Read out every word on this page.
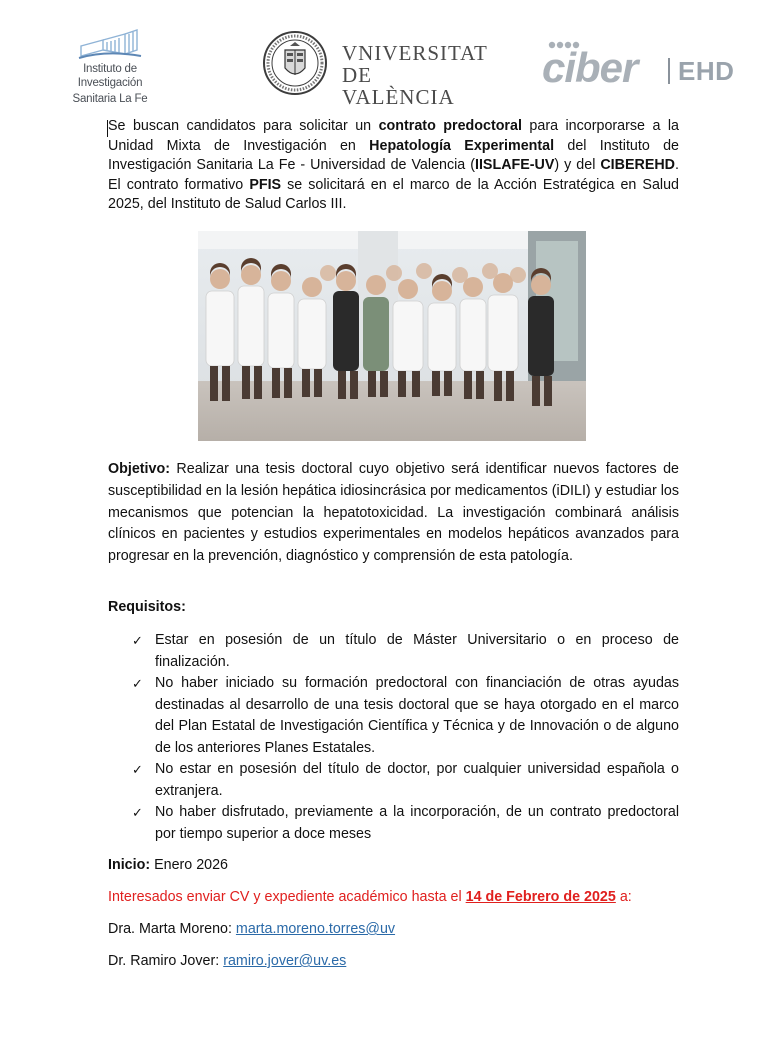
Instituto de Investigación
Sanitaria La Fe
VNIVERSITAT
DE VALÈNCIA
ciber EHD
Se buscan candidatos para solicitar un contrato predoctoral para incorporarse a la Unidad Mixta de Investigación en Hepatología Experimental del Instituto de Investigación Sanitaria La Fe - Universidad de Valencia (IISLAFE-UV) y del CIBEREHD. El contrato formativo PFIS se solicitará en el marco de la Acción Estratégica en Salud 2025, del Instituto de Salud Carlos III.
Objetivo: Realizar una tesis doctoral cuyo objetivo será identificar nuevos factores de susceptibilidad en la lesión hepática idiosincrásica por medicamentos (iDILI) y estudiar los mecanismos que potencian la hepatotoxicidad. La investigación combinará análisis clínicos en pacientes y estudios experimentales en modelos hepáticos avanzados para progresar en la prevención, diagnóstico y comprensión de esta patología.
Requisitos:
✓ Estar en posesión de un título de Máster Universitario o en proceso de finalización.
✓ No haber iniciado su formación predoctoral con financiación de otras ayudas destinadas al desarrollo de una tesis doctoral que se haya otorgado en el marco del Plan Estatal de Investigación Científica y Técnica y de Innovación o de alguno de los anteriores Planes Estatales.
✓ No estar en posesión del título de doctor, por cualquier universidad española o extranjera.
✓ No haber disfrutado, previamente a la incorporación, de un contrato predoctoral por tiempo superior a doce meses
Inicio: Enero 2026
Interesados enviar CV y expediente académico hasta el 14 de Febrero de 2025 a:
Dra. Marta Moreno: marta.moreno.torres@uv
Dr. Ramiro Jover: ramiro.jover@uv.es
